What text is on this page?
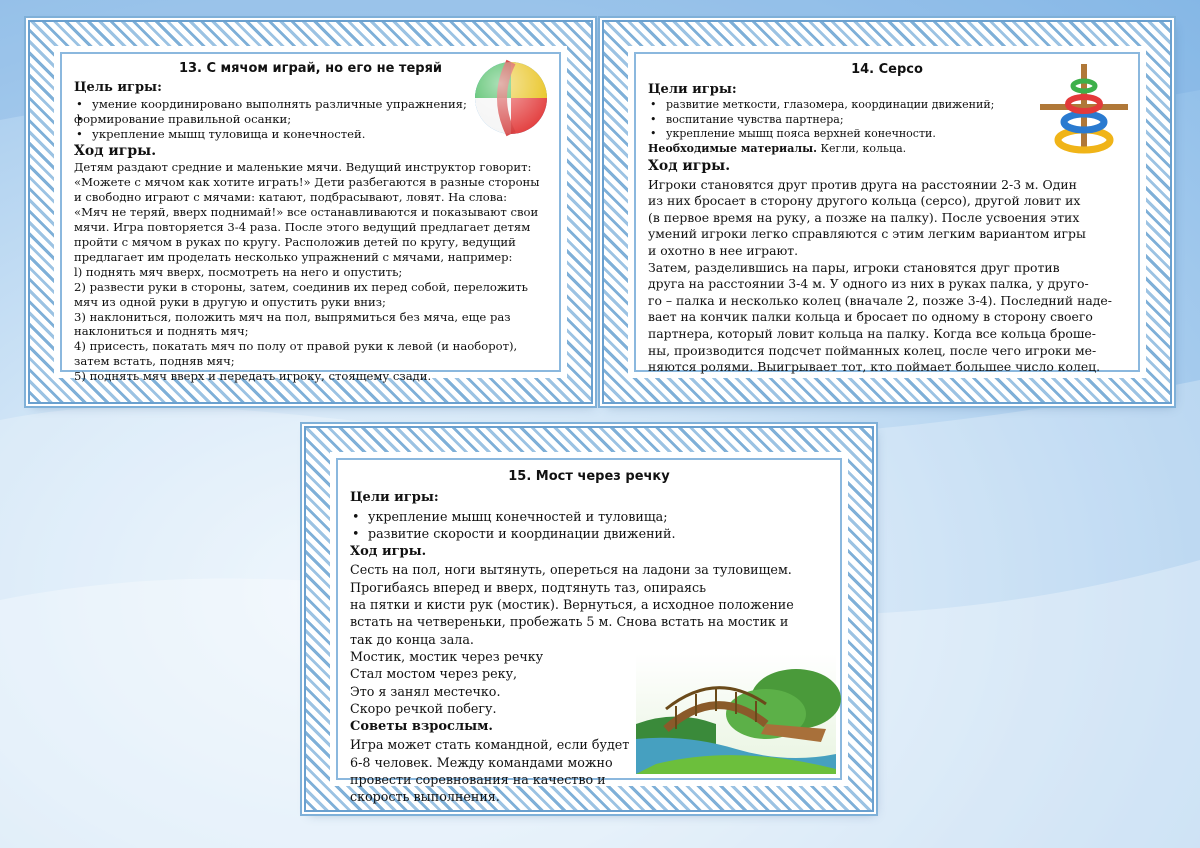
13. С мячом играй, но его не теряй
Цель игры:
• умение координировано выполнять различные упражнения;
• формирование правильной осанки;
• укрепление мышц туловища и конечностей.
Ход игры.

Детям раздают средние и маленькие мячи. Ведущий инструктор говорит:

«Можете с мячом как хотите играть!» Дети разбегаются в разные стороны

и свободно играют с мячами: катают, подбрасывают, ловят. На слова:

«Мяч не теряй, вверх поднимай!» все останавливаются и показывают свои

мячи. Игра повторяется 3-4 раза. После этого ведущий предлагает детям

пройти с мячом в руках по кругу. Расположив детей по кругу, ведущий

предлагает им проделать несколько упражнений с мячами, например:

l) поднять мяч вверх, посмотреть на него и опустить;

2) развести руки в стороны, затем, соединив их перед собой, переложить

мяч из одной руки в другую и опустить руки вниз;

3) наклониться, положить мяч на пол, выпрямиться без мяча, еще раз

наклониться и поднять мяч;

4) присесть, покатать мяч по полу от правой руки к левой (и наоборот),

затем встать, подняв мяч;

5) поднять мяч вверх и передать игроку, стоящему сзади.

14. Серсо
Цели игры:
• развитие меткости, глазомера, координации движений;
• воспитание чувства партнера;
• укрепление мышц пояса верхней конечности.

Необходимые материалы. Кегли, кольца.

Ход игры.

Игроки становятся друг против друга на расстоянии 2-3 м. Один

из них бросает в сторону другого кольца (серсо), другой ловит их

(в первое время на руку, а позже на палку). После усвоения этих

умений игроки легко справляются с этим легким вариантом игры

и охотно в нее играют.

Затем, разделившись на пары, игроки становятся друг против

друга на расстоянии 3-4 м. У одного из них в руках палка, у друго-

го – палка и несколько колец (вначале 2, позже 3-4). Последний наде-

вает на кончик палки кольца и бросает по одному в сторону своего

партнера, который ловит кольца на палку. Когда все кольца броше-

ны, производится подсчет пойманных колец, после чего игроки ме-

няются ролями. Выигрывает тот, кто поймает большее число колец.

15. Мост через речку
Цели игры:
• укрепление мышц конечностей и туловища;
• развитие скорости и координации движений.
Ход игры.

Сесть на пол, ноги вытянуть, опереться на ладони за туловищем.

Прогибаясь вперед и вверх, подтянуть таз, опираясь

на пятки и кисти рук (мостик). Вернуться, а исходное положение

встать на четвереньки, пробежать 5 м. Снова встать на мостик и

так до конца зала.

Мостик, мостик через речку

Стал мостом через реку,

Это я занял местечко.

Скоро речкой побегу.

Советы взрослым.

Игра может стать командной, если будет

6-8 человек. Между командами можно

провести соревнования на качество и

скорость выполнения.
